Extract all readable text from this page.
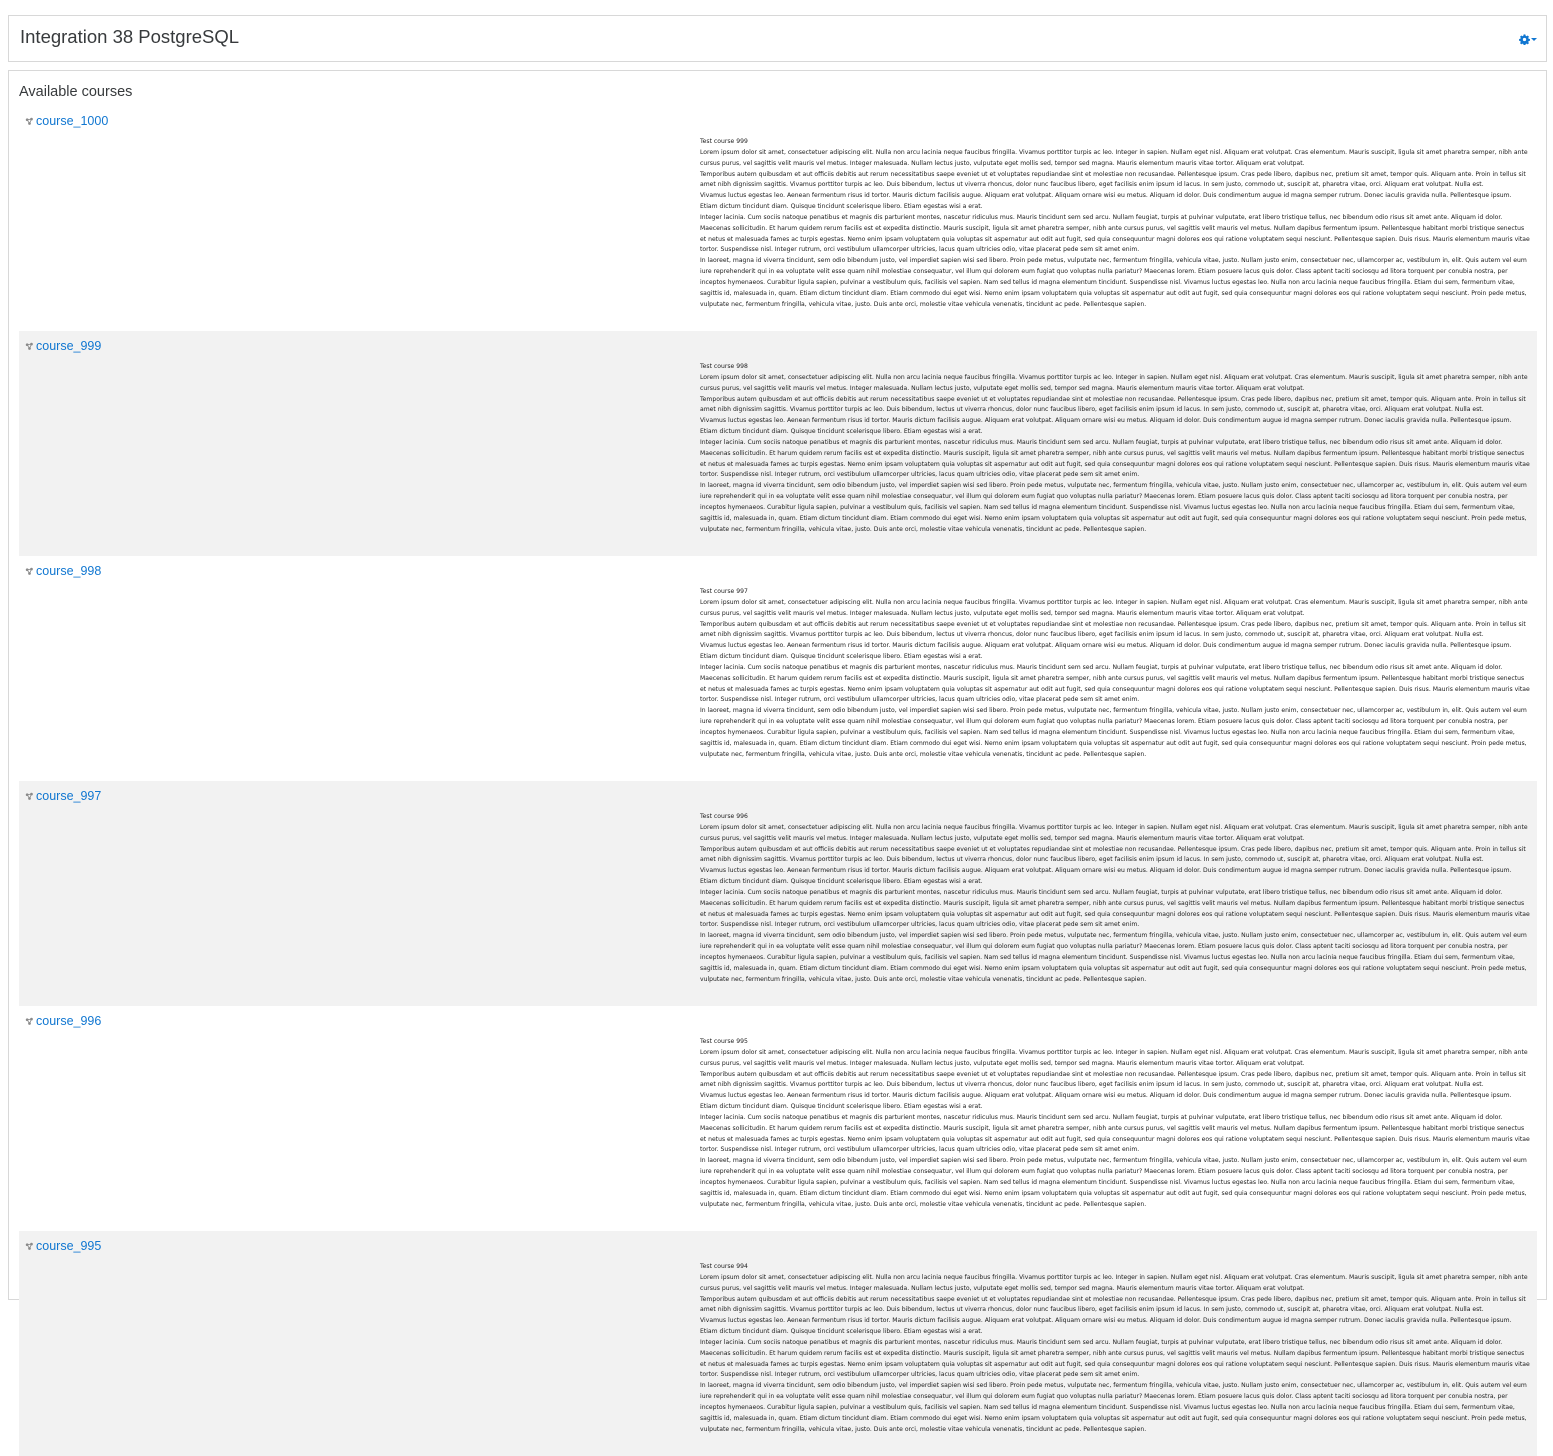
Integration 38 PostgreSQL
Available courses
course_1000

Test course 999

Lorem ipsum dolor sit amet, consectetuer adipiscing elit. Nulla non arcu lacinia neque faucibus fringilla. Vivamus porttitor turpis ac leo. Integer in sapien. Nullam eget nisl. Aliquam erat volutpat. Cras elementum. Mauris suscipit, ligula sit amet pharetra semper, nibh ante cursus purus, vel sagittis velit mauris vel metus. Integer malesuada. Nullam lectus justo, vulputate eget mollis sed, tempor sed magna. Mauris elementum mauris vitae tortor. Aliquam erat volutpat.

Temporibus autem quibusdam et aut officiis debitis aut rerum necessitatibus saepe eveniet ut et voluptates repudiandae sint et molestiae non recusandae. Pellentesque ipsum. Cras pede libero, dapibus nec, pretium sit amet, tempor quis. Aliquam ante. Proin in tellus sit amet nibh dignissim sagittis. Vivamus porttitor turpis ac leo. Duis bibendum, lectus ut viverra rhoncus, dolor nunc faucibus libero, eget facilisis enim ipsum id lacus. In sem justo, commodo ut, suscipit at, pharetra vitae, orci. Aliquam erat volutpat. Nulla est.

Vivamus luctus egestas leo. Aenean fermentum risus id tortor. Mauris dictum facilisis augue. Aliquam erat volutpat. Aliquam ornare wisi eu metus. Aliquam id dolor. Duis condimentum augue id magna semper rutrum. Donec iaculis gravida nulla. Pellentesque ipsum. Etiam dictum tincidunt diam. Quisque tincidunt scelerisque libero. Etiam egestas wisi a erat.

Integer lacinia. Cum sociis natoque penatibus et magnis dis parturient montes, nascetur ridiculus mus. Mauris tincidunt sem sed arcu. Nullam feugiat, turpis at pulvinar vulputate, erat libero tristique tellus, nec bibendum odio risus sit amet ante. Aliquam id dolor. Maecenas sollicitudin. Et harum quidem rerum facilis est et expedita distinctio. Mauris suscipit, ligula sit amet pharetra semper, nibh ante cursus purus, vel sagittis velit mauris vel metus. Nullam dapibus fermentum ipsum. Pellentesque habitant morbi tristique senectus et netus et malesuada fames ac turpis egestas. Nemo enim ipsam voluptatem quia voluptas sit aspernatur aut odit aut fugit, sed quia consequuntur magni dolores eos qui ratione voluptatem sequi nesciunt. Pellentesque sapien. Duis risus. Mauris elementum mauris vitae tortor. Suspendisse nisl. Integer rutrum, orci vestibulum ullamcorper ultricies, lacus quam ultricies odio, vitae placerat pede sem sit amet enim.

In laoreet, magna id viverra tincidunt, sem odio bibendum justo, vel imperdiet sapien wisi sed libero. Proin pede metus, vulputate nec, fermentum fringilla, vehicula vitae, justo. Nullam justo enim, consectetuer nec, ullamcorper ac, vestibulum in, elit. Quis autem vel eum iure reprehenderit qui in ea voluptate velit esse quam nihil molestiae consequatur, vel illum qui dolorem eum fugiat quo voluptas nulla pariatur? Maecenas lorem. Etiam posuere lacus quis dolor. Class aptent taciti sociosqu ad litora torquent per conubia nostra, per inceptos hymenaeos. Curabitur ligula sapien, pulvinar a vestibulum quis, facilisis vel sapien. Nam sed tellus id magna elementum tincidunt. Suspendisse nisl. Vivamus luctus egestas leo. Nulla non arcu lacinia neque faucibus fringilla. Etiam dui sem, fermentum vitae, sagittis id, malesuada in, quam. Etiam dictum tincidunt diam. Etiam commodo dui eget wisi. Nemo enim ipsam voluptatem quia voluptas sit aspernatur aut odit aut fugit, sed quia consequuntur magni dolores eos qui ratione voluptatem sequi nesciunt. Proin pede metus, vulputate nec, fermentum fringilla, vehicula vitae, justo. Duis ante orci, molestie vitae vehicula venenatis, tincidunt ac pede. Pellentesque sapien.

course_999

Test course 998

Lorem ipsum dolor sit amet, consectetuer adipiscing elit. Nulla non arcu lacinia neque faucibus fringilla. Vivamus porttitor turpis ac leo. Integer in sapien. Nullam eget nisl. Aliquam erat volutpat. Cras elementum. Mauris suscipit, ligula sit amet pharetra semper, nibh ante cursus purus, vel sagittis velit mauris vel metus. Integer malesuada. Nullam lectus justo, vulputate eget mollis sed, tempor sed magna. Mauris elementum mauris vitae tortor. Aliquam erat volutpat.

Temporibus autem quibusdam et aut officiis debitis aut rerum necessitatibus saepe eveniet ut et voluptates repudiandae sint et molestiae non recusandae. Pellentesque ipsum. Cras pede libero, dapibus nec, pretium sit amet, tempor quis. Aliquam ante. Proin in tellus sit amet nibh dignissim sagittis. Vivamus porttitor turpis ac leo. Duis bibendum, lectus ut viverra rhoncus, dolor nunc faucibus libero, eget facilisis enim ipsum id lacus. In sem justo, commodo ut, suscipit at, pharetra vitae, orci. Aliquam erat volutpat. Nulla est.

Vivamus luctus egestas leo. Aenean fermentum risus id tortor. Mauris dictum facilisis augue. Aliquam erat volutpat. Aliquam ornare wisi eu metus. Aliquam id dolor. Duis condimentum augue id magna semper rutrum. Donec iaculis gravida nulla. Pellentesque ipsum. Etiam dictum tincidunt diam. Quisque tincidunt scelerisque libero. Etiam egestas wisi a erat.

Integer lacinia. Cum sociis natoque penatibus et magnis dis parturient montes, nascetur ridiculus mus. Mauris tincidunt sem sed arcu. Nullam feugiat, turpis at pulvinar vulputate, erat libero tristique tellus, nec bibendum odio risus sit amet ante. Aliquam id dolor. Maecenas sollicitudin. Et harum quidem rerum facilis est et expedita distinctio. Mauris suscipit, ligula sit amet pharetra semper, nibh ante cursus purus, vel sagittis velit mauris vel metus. Nullam dapibus fermentum ipsum. Pellentesque habitant morbi tristique senectus et netus et malesuada fames ac turpis egestas. Nemo enim ipsam voluptatem quia voluptas sit aspernatur aut odit aut fugit, sed quia consequuntur magni dolores eos qui ratione voluptatem sequi nesciunt. Pellentesque sapien. Duis risus. Mauris elementum mauris vitae tortor. Suspendisse nisl. Integer rutrum, orci vestibulum ullamcorper ultricies, lacus quam ultricies odio, vitae placerat pede sem sit amet enim.

In laoreet, magna id viverra tincidunt, sem odio bibendum justo, vel imperdiet sapien wisi sed libero. Proin pede metus, vulputate nec, fermentum fringilla, vehicula vitae, justo. Nullam justo enim, consectetuer nec, ullamcorper ac, vestibulum in, elit. Quis autem vel eum iure reprehenderit qui in ea voluptate velit esse quam nihil molestiae consequatur, vel illum qui dolorem eum fugiat quo voluptas nulla pariatur? Maecenas lorem. Etiam posuere lacus quis dolor. Class aptent taciti sociosqu ad litora torquent per conubia nostra, per inceptos hymenaeos. Curabitur ligula sapien, pulvinar a vestibulum quis, facilisis vel sapien. Nam sed tellus id magna elementum tincidunt. Suspendisse nisl. Vivamus luctus egestas leo. Nulla non arcu lacinia neque faucibus fringilla. Etiam dui sem, fermentum vitae, sagittis id, malesuada in, quam. Etiam dictum tincidunt diam. Etiam commodo dui eget wisi. Nemo enim ipsam voluptatem quia voluptas sit aspernatur aut odit aut fugit, sed quia consequuntur magni dolores eos qui ratione voluptatem sequi nesciunt. Proin pede metus, vulputate nec, fermentum fringilla, vehicula vitae, justo. Duis ante orci, molestie vitae vehicula venenatis, tincidunt ac pede. Pellentesque sapien.

course_998

Test course 997

Lorem ipsum dolor sit amet, consectetuer adipiscing elit. Nulla non arcu lacinia neque faucibus fringilla. Vivamus porttitor turpis ac leo. Integer in sapien. Nullam eget nisl. Aliquam erat volutpat. Cras elementum. Mauris suscipit, ligula sit amet pharetra semper, nibh ante cursus purus, vel sagittis velit mauris vel metus. Integer malesuada. Nullam lectus justo, vulputate eget mollis sed, tempor sed magna. Mauris elementum mauris vitae tortor. Aliquam erat volutpat.

Temporibus autem quibusdam et aut officiis debitis aut rerum necessitatibus saepe eveniet ut et voluptates repudiandae sint et molestiae non recusandae. Pellentesque ipsum. Cras pede libero, dapibus nec, pretium sit amet, tempor quis. Aliquam ante. Proin in tellus sit amet nibh dignissim sagittis. Vivamus porttitor turpis ac leo. Duis bibendum, lectus ut viverra rhoncus, dolor nunc faucibus libero, eget facilisis enim ipsum id lacus. In sem justo, commodo ut, suscipit at, pharetra vitae, orci. Aliquam erat volutpat. Nulla est.

Vivamus luctus egestas leo. Aenean fermentum risus id tortor. Mauris dictum facilisis augue. Aliquam erat volutpat. Aliquam ornare wisi eu metus. Aliquam id dolor. Duis condimentum augue id magna semper rutrum. Donec iaculis gravida nulla. Pellentesque ipsum. Etiam dictum tincidunt diam. Quisque tincidunt scelerisque libero. Etiam egestas wisi a erat.

Integer lacinia. Cum sociis natoque penatibus et magnis dis parturient montes, nascetur ridiculus mus. Mauris tincidunt sem sed arcu. Nullam feugiat, turpis at pulvinar vulputate, erat libero tristique tellus, nec bibendum odio risus sit amet ante. Aliquam id dolor. Maecenas sollicitudin. Et harum quidem rerum facilis est et expedita distinctio. Mauris suscipit, ligula sit amet pharetra semper, nibh ante cursus purus, vel sagittis velit mauris vel metus. Nullam dapibus fermentum ipsum. Pellentesque habitant morbi tristique senectus et netus et malesuada fames ac turpis egestas. Nemo enim ipsam voluptatem quia voluptas sit aspernatur aut odit aut fugit, sed quia consequuntur magni dolores eos qui ratione voluptatem sequi nesciunt. Pellentesque sapien. Duis risus. Mauris elementum mauris vitae tortor. Suspendisse nisl. Integer rutrum, orci vestibulum ullamcorper ultricies, lacus quam ultricies odio, vitae placerat pede sem sit amet enim.

In laoreet, magna id viverra tincidunt, sem odio bibendum justo, vel imperdiet sapien wisi sed libero. Proin pede metus, vulputate nec, fermentum fringilla, vehicula vitae, justo. Nullam justo enim, consectetuer nec, ullamcorper ac, vestibulum in, elit. Quis autem vel eum iure reprehenderit qui in ea voluptate velit esse quam nihil molestiae consequatur, vel illum qui dolorem eum fugiat quo voluptas nulla pariatur? Maecenas lorem. Etiam posuere lacus quis dolor. Class aptent taciti sociosqu ad litora torquent per conubia nostra, per inceptos hymenaeos. Curabitur ligula sapien, pulvinar a vestibulum quis, facilisis vel sapien. Nam sed tellus id magna elementum tincidunt. Suspendisse nisl. Vivamus luctus egestas leo. Nulla non arcu lacinia neque faucibus fringilla. Etiam dui sem, fermentum vitae, sagittis id, malesuada in, quam. Etiam dictum tincidunt diam. Etiam commodo dui eget wisi. Nemo enim ipsam voluptatem quia voluptas sit aspernatur aut odit aut fugit, sed quia consequuntur magni dolores eos qui ratione voluptatem sequi nesciunt. Proin pede metus, vulputate nec, fermentum fringilla, vehicula vitae, justo. Duis ante orci, molestie vitae vehicula venenatis, tincidunt ac pede. Pellentesque sapien.

course_997

Test course 996

Lorem ipsum dolor sit amet, consectetuer adipiscing elit. Nulla non arcu lacinia neque faucibus fringilla. Vivamus porttitor turpis ac leo. Integer in sapien. Nullam eget nisl. Aliquam erat volutpat. Cras elementum. Mauris suscipit, ligula sit amet pharetra semper, nibh ante cursus purus, vel sagittis velit mauris vel metus. Integer malesuada. Nullam lectus justo, vulputate eget mollis sed, tempor sed magna. Mauris elementum mauris vitae tortor. Aliquam erat volutpat.

Temporibus autem quibusdam et aut officiis debitis aut rerum necessitatibus saepe eveniet ut et voluptates repudiandae sint et molestiae non recusandae. Pellentesque ipsum. Cras pede libero, dapibus nec, pretium sit amet, tempor quis. Aliquam ante. Proin in tellus sit amet nibh dignissim sagittis. Vivamus porttitor turpis ac leo. Duis bibendum, lectus ut viverra rhoncus, dolor nunc faucibus libero, eget facilisis enim ipsum id lacus. In sem justo, commodo ut, suscipit at, pharetra vitae, orci. Aliquam erat volutpat. Nulla est.

Vivamus luctus egestas leo. Aenean fermentum risus id tortor. Mauris dictum facilisis augue. Aliquam erat volutpat. Aliquam ornare wisi eu metus. Aliquam id dolor. Duis condimentum augue id magna semper rutrum. Donec iaculis gravida nulla. Pellentesque ipsum. Etiam dictum tincidunt diam. Quisque tincidunt scelerisque libero. Etiam egestas wisi a erat.

Integer lacinia. Cum sociis natoque penatibus et magnis dis parturient montes, nascetur ridiculus mus. Mauris tincidunt sem sed arcu. Nullam feugiat, turpis at pulvinar vulputate, erat libero tristique tellus, nec bibendum odio risus sit amet ante. Aliquam id dolor. Maecenas sollicitudin. Et harum quidem rerum facilis est et expedita distinctio. Mauris suscipit, ligula sit amet pharetra semper, nibh ante cursus purus, vel sagittis velit mauris vel metus. Nullam dapibus fermentum ipsum. Pellentesque habitant morbi tristique senectus et netus et malesuada fames ac turpis egestas. Nemo enim ipsam voluptatem quia voluptas sit aspernatur aut odit aut fugit, sed quia consequuntur magni dolores eos qui ratione voluptatem sequi nesciunt. Pellentesque sapien. Duis risus. Mauris elementum mauris vitae tortor. Suspendisse nisl. Integer rutrum, orci vestibulum ullamcorper ultricies, lacus quam ultricies odio, vitae placerat pede sem sit amet enim.

In laoreet, magna id viverra tincidunt, sem odio bibendum justo, vel imperdiet sapien wisi sed libero. Proin pede metus, vulputate nec, fermentum fringilla, vehicula vitae, justo. Nullam justo enim, consectetuer nec, ullamcorper ac, vestibulum in, elit. Quis autem vel eum iure reprehenderit qui in ea voluptate velit esse quam nihil molestiae consequatur, vel illum qui dolorem eum fugiat quo voluptas nulla pariatur? Maecenas lorem. Etiam posuere lacus quis dolor. Class aptent taciti sociosqu ad litora torquent per conubia nostra, per inceptos hymenaeos. Curabitur ligula sapien, pulvinar a vestibulum quis, facilisis vel sapien. Nam sed tellus id magna elementum tincidunt. Suspendisse nisl. Vivamus luctus egestas leo. Nulla non arcu lacinia neque faucibus fringilla. Etiam dui sem, fermentum vitae, sagittis id, malesuada in, quam. Etiam dictum tincidunt diam. Etiam commodo dui eget wisi. Nemo enim ipsam voluptatem quia voluptas sit aspernatur aut odit aut fugit, sed quia consequuntur magni dolores eos qui ratione voluptatem sequi nesciunt. Proin pede metus, vulputate nec, fermentum fringilla, vehicula vitae, justo. Duis ante orci, molestie vitae vehicula venenatis, tincidunt ac pede. Pellentesque sapien.

course_996

Test course 995

Lorem ipsum dolor sit amet, consectetuer adipiscing elit. Nulla non arcu lacinia neque faucibus fringilla. Vivamus porttitor turpis ac leo. Integer in sapien. Nullam eget nisl. Aliquam erat volutpat. Cras elementum. Mauris suscipit, ligula sit amet pharetra semper, nibh ante cursus purus, vel sagittis velit mauris vel metus. Integer malesuada. Nullam lectus justo, vulputate eget mollis sed, tempor sed magna. Mauris elementum mauris vitae tortor. Aliquam erat volutpat.

Temporibus autem quibusdam et aut officiis debitis aut rerum necessitatibus saepe eveniet ut et voluptates repudiandae sint et molestiae non recusandae. Pellentesque ipsum. Cras pede libero, dapibus nec, pretium sit amet, tempor quis. Aliquam ante. Proin in tellus sit amet nibh dignissim sagittis. Vivamus porttitor turpis ac leo. Duis bibendum, lectus ut viverra rhoncus, dolor nunc faucibus libero, eget facilisis enim ipsum id lacus. In sem justo, commodo ut, suscipit at, pharetra vitae, orci. Aliquam erat volutpat. Nulla est.

Vivamus luctus egestas leo. Aenean fermentum risus id tortor. Mauris dictum facilisis augue. Aliquam erat volutpat. Aliquam ornare wisi eu metus. Aliquam id dolor. Duis condimentum augue id magna semper rutrum. Donec iaculis gravida nulla. Pellentesque ipsum. Etiam dictum tincidunt diam. Quisque tincidunt scelerisque libero. Etiam egestas wisi a erat.

Integer lacinia. Cum sociis natoque penatibus et magnis dis parturient montes, nascetur ridiculus mus. Mauris tincidunt sem sed arcu. Nullam feugiat, turpis at pulvinar vulputate, erat libero tristique tellus, nec bibendum odio risus sit amet ante. Aliquam id dolor. Maecenas sollicitudin. Et harum quidem rerum facilis est et expedita distinctio. Mauris suscipit, ligula sit amet pharetra semper, nibh ante cursus purus, vel sagittis velit mauris vel metus. Nullam dapibus fermentum ipsum. Pellentesque habitant morbi tristique senectus et netus et malesuada fames ac turpis egestas. Nemo enim ipsam voluptatem quia voluptas sit aspernatur aut odit aut fugit, sed quia consequuntur magni dolores eos qui ratione voluptatem sequi nesciunt. Pellentesque sapien. Duis risus. Mauris elementum mauris vitae tortor. Suspendisse nisl. Integer rutrum, orci vestibulum ullamcorper ultricies, lacus quam ultricies odio, vitae placerat pede sem sit amet enim.

In laoreet, magna id viverra tincidunt, sem odio bibendum justo, vel imperdiet sapien wisi sed libero. Proin pede metus, vulputate nec, fermentum fringilla, vehicula vitae, justo. Nullam justo enim, consectetuer nec, ullamcorper ac, vestibulum in, elit. Quis autem vel eum iure reprehenderit qui in ea voluptate velit esse quam nihil molestiae consequatur, vel illum qui dolorem eum fugiat quo voluptas nulla pariatur? Maecenas lorem. Etiam posuere lacus quis dolor. Class aptent taciti sociosqu ad litora torquent per conubia nostra, per inceptos hymenaeos. Curabitur ligula sapien, pulvinar a vestibulum quis, facilisis vel sapien. Nam sed tellus id magna elementum tincidunt. Suspendisse nisl. Vivamus luctus egestas leo. Nulla non arcu lacinia neque faucibus fringilla. Etiam dui sem, fermentum vitae, sagittis id, malesuada in, quam. Etiam dictum tincidunt diam. Etiam commodo dui eget wisi. Nemo enim ipsam voluptatem quia voluptas sit aspernatur aut odit aut fugit, sed quia consequuntur magni dolores eos qui ratione voluptatem sequi nesciunt. Proin pede metus, vulputate nec, fermentum fringilla, vehicula vitae, justo. Duis ante orci, molestie vitae vehicula venenatis, tincidunt ac pede. Pellentesque sapien.

course_995

Test course 994

Lorem ipsum dolor sit amet, consectetuer adipiscing elit. Nulla non arcu lacinia neque faucibus fringilla. Vivamus porttitor turpis ac leo. Integer in sapien. Nullam eget nisl. Aliquam erat volutpat. Cras elementum. Mauris suscipit, ligula sit amet pharetra semper, nibh ante cursus purus, vel sagittis velit mauris vel metus. Integer malesuada. Nullam lectus justo, vulputate eget mollis sed, tempor sed magna. Mauris elementum mauris vitae tortor. Aliquam erat volutpat.

Temporibus autem quibusdam et aut officiis debitis aut rerum necessitatibus saepe eveniet ut et voluptates repudiandae sint et molestiae non recusandae. Pellentesque ipsum. Cras pede libero, dapibus nec, pretium sit amet, tempor quis. Aliquam ante. Proin in tellus sit amet nibh dignissim sagittis. Vivamus porttitor turpis ac leo. Duis bibendum, lectus ut viverra rhoncus, dolor nunc faucibus libero, eget facilisis enim ipsum id lacus. In sem justo, commodo ut, suscipit at, pharetra vitae, orci. Aliquam erat volutpat. Nulla est.

Vivamus luctus egestas leo. Aenean fermentum risus id tortor. Mauris dictum facilisis augue. Aliquam erat volutpat. Aliquam ornare wisi eu metus. Aliquam id dolor. Duis condimentum augue id magna semper rutrum. Donec iaculis gravida nulla. Pellentesque ipsum. Etiam dictum tincidunt diam. Quisque tincidunt scelerisque libero. Etiam egestas wisi a erat.

Integer lacinia. Cum sociis natoque penatibus et magnis dis parturient montes, nascetur ridiculus mus. Mauris tincidunt sem sed arcu. Nullam feugiat, turpis at pulvinar vulputate, erat libero tristique tellus, nec bibendum odio risus sit amet ante. Aliquam id dolor. Maecenas sollicitudin. Et harum quidem rerum facilis est et expedita distinctio. Mauris suscipit, ligula sit amet pharetra semper, nibh ante cursus purus, vel sagittis velit mauris vel metus. Nullam dapibus fermentum ipsum. Pellentesque habitant morbi tristique senectus et netus et malesuada fames ac turpis egestas. Nemo enim ipsam voluptatem quia voluptas sit aspernatur aut odit aut fugit, sed quia consequuntur magni dolores eos qui ratione voluptatem sequi nesciunt. Pellentesque sapien. Duis risus. Mauris elementum mauris vitae tortor. Suspendisse nisl. Integer rutrum, orci vestibulum ullamcorper ultricies, lacus quam ultricies odio, vitae placerat pede sem sit amet enim.

In laoreet, magna id viverra tincidunt, sem odio bibendum justo, vel imperdiet sapien wisi sed libero. Proin pede metus, vulputate nec, fermentum fringilla, vehicula vitae, justo. Nullam justo enim, consectetuer nec, ullamcorper ac, vestibulum in, elit. Quis autem vel eum iure reprehenderit qui in ea voluptate velit esse quam nihil molestiae consequatur, vel illum qui dolorem eum fugiat quo voluptas nulla pariatur? Maecenas lorem. Etiam posuere lacus quis dolor. Class aptent taciti sociosqu ad litora torquent per conubia nostra, per inceptos hymenaeos. Curabitur ligula sapien, pulvinar a vestibulum quis, facilisis vel sapien. Nam sed tellus id magna elementum tincidunt. Suspendisse nisl. Vivamus luctus egestas leo. Nulla non arcu lacinia neque faucibus fringilla. Etiam dui sem, fermentum vitae, sagittis id, malesuada in, quam. Etiam dictum tincidunt diam. Etiam commodo dui eget wisi. Nemo enim ipsam voluptatem quia voluptas sit aspernatur aut odit aut fugit, sed quia consequuntur magni dolores eos qui ratione voluptatem sequi nesciunt. Proin pede metus, vulputate nec, fermentum fringilla, vehicula vitae, justo. Duis ante orci, molestie vitae vehicula venenatis, tincidunt ac pede. Pellentesque sapien.
